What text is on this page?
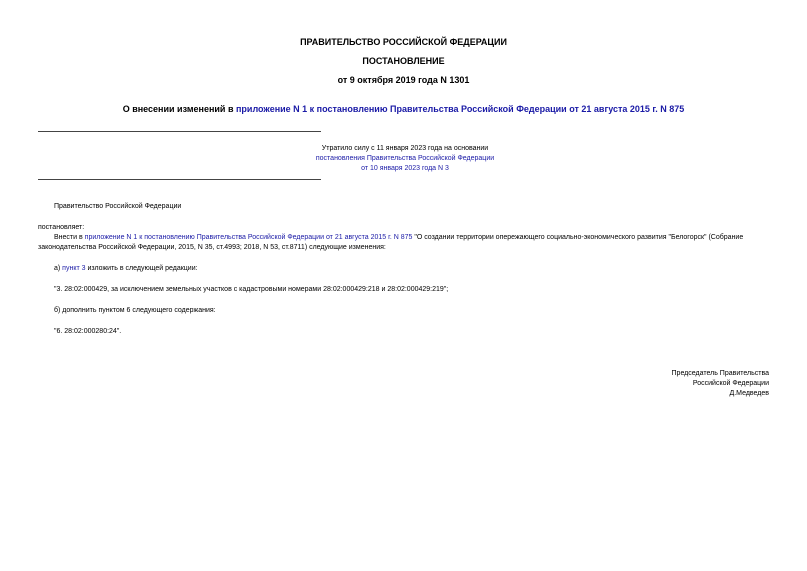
ПРАВИТЕЛЬСТВО РОССИЙСКОЙ ФЕДЕРАЦИИ
ПОСТАНОВЛЕНИЕ
от 9 октября 2019 года N 1301
О внесении изменений в приложение N 1 к постановлению Правительства Российской Федерации от 21 августа 2015 г. N 875
Утратило силу с 11 января 2023 года на основании
постановления Правительства Российской Федерации
от 10 января 2023 года N 3
Правительство Российской Федерации
постановляет:
Внести в приложение N 1 к постановлению Правительства Российской Федерации от 21 августа 2015 г. N 875 "О создании территории опережающего социально-экономического развития "Белогорск" (Собрание
законодательства Российской Федерации, 2015, N 35, ст.4993; 2018, N 53, ст.8711) следующие изменения:
а) пункт 3 изложить в следующей редакции:
"3. 28:02:000429, за исключением земельных участков с кадастровыми номерами 28:02:000429:218 и 28:02:000429:219";
б) дополнить пунктом 6 следующего содержания:
"6. 28:02:000280:24".
Председатель Правительства
Российской Федерации
Д.Медведев
